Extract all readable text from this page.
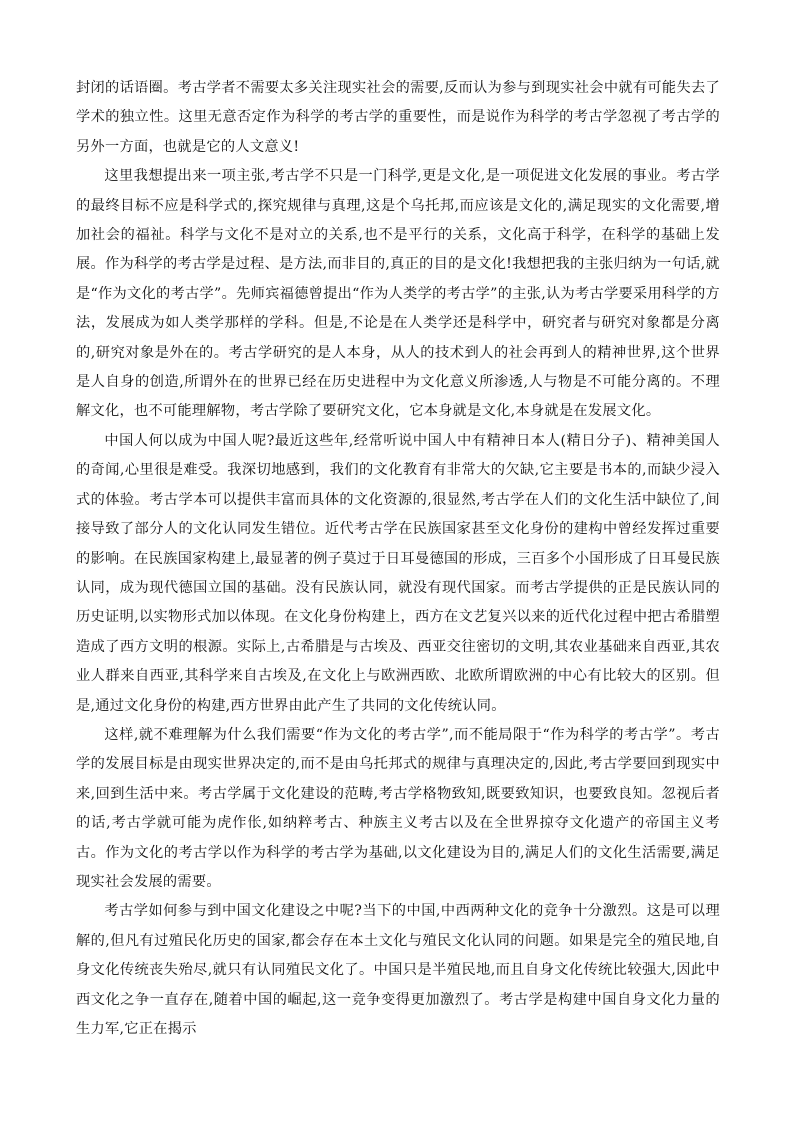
封闭的话语圈。考古学者不需要太多关注现实社会的需要,反而认为参与到现实社会中就有可能失去了学术的独立性。这里无意否定作为科学的考古学的重要性，而是说作为科学的考古学忽视了考古学的另外一方面，也就是它的人文意义!

这里我想提出来一项主张,考古学不只是一门科学,更是文化,是一项促进文化发展的事业。考古学的最终目标不应是科学式的,探究规律与真理,这是个乌托邦,而应该是文化的,满足现实的文化需要,增加社会的福祉。科学与文化不是对立的关系,也不是平行的关系，文化高于科学，在科学的基础上发展。作为科学的考古学是过程、是方法,而非目的,真正的目的是文化!我想把我的主张归纳为一句话,就是“作为文化的考古学”。先师宾福德曾提出“作为人类学的考古学”的主张,认为考古学要采用科学的方法，发展成为如人类学那样的学科。但是,不论是在人类学还是科学中，研究者与研究对象都是分离的,研究对象是外在的。考古学研究的是人本身，从人的技术到人的社会再到人的精神世界,这个世界是人自身的创造,所谓外在的世界已经在历史进程中为文化意义所渗透,人与物是不可能分离的。不理解文化，也不可能理解物，考古学除了要研究文化，它本身就是文化,本身就是在发展文化。

中国人何以成为中国人呢?最近这些年,经常听说中国人中有精神日本人(精日分子)、精神美国人的奇闻,心里很是难受。我深切地感到，我们的文化教育有非常大的欠缺,它主要是书本的,而缺少浸入式的体验。考古学本可以提供丰富而具体的文化资源的,很显然,考古学在人们的文化生活中缺位了,间接导致了部分人的文化认同发生错位。近代考古学在民族国家甚至文化身份的建构中曾经发挥过重要的影响。在民族国家构建上,最显著的例子莫过于日耳曼德国的形成，三百多个小国形成了日耳曼民族认同，成为现代德国立国的基础。没有民族认同，就没有现代国家。而考古学提供的正是民族认同的历史证明,以实物形式加以体现。在文化身份构建上，西方在文艺复兴以来的近代化过程中把古希腊塑造成了西方文明的根源。实际上,古希腊是与古埃及、西亚交往密切的文明,其农业基础来自西亚,其农业人群来自西亚,其科学来自古埃及,在文化上与欧洲西欧、北欧所谓欧洲的中心有比较大的区别。但是,通过文化身份的构建,西方世界由此产生了共同的文化传统认同。

这样,就不难理解为什么我们需要“作为文化的考古学”,而不能局限于“作为科学的考古学”。考古学的发展目标是由现实世界决定的,而不是由乌托邦式的规律与真理决定的,因此,考古学要回到现实中来,回到生活中来。考古学属于文化建设的范畴,考古学格物致知,既要致知识，也要致良知。忽视后者的话,考古学就可能为虎作伥,如纳粹考古、种族主义考古以及在全世界掠夺文化遗产的帝国主义考古。作为文化的考古学以作为科学的考古学为基础,以文化建设为目的,满足人们的文化生活需要,满足现实社会发展的需要。

考古学如何参与到中国文化建设之中呢?当下的中国,中西两种文化的竞争十分激烈。这是可以理解的,但凡有过殖民化历史的国家,都会存在本土文化与殖民文化认同的问题。如果是完全的殖民地,自身文化传统丧失殆尽,就只有认同殖民文化了。中国只是半殖民地,而且自身文化传统比较强大,因此中西文化之争一直存在,随着中国的崛起,这一竞争变得更加激烈了。考古学是构建中国自身文化力量的生力军,它正在揭示
